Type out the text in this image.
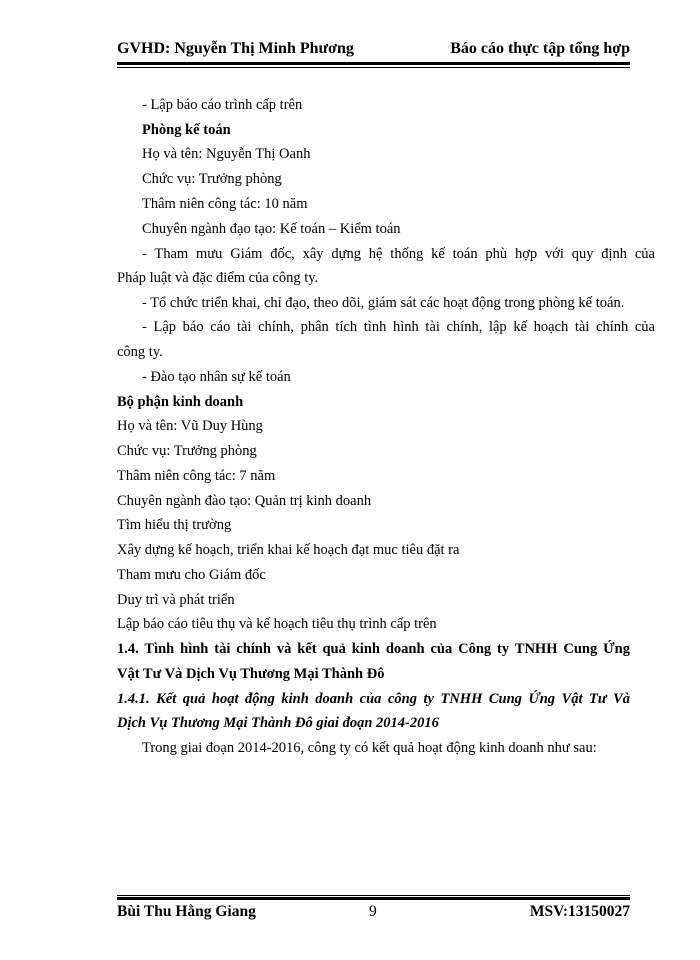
GVHD: Nguyễn Thị Minh Phương	Báo cáo thực tập tổng hợp
- Lập báo cáo trình cấp trên
Phòng kế toán
Họ và tên: Nguyễn Thị Oanh
Chức vụ: Trưởng phòng
Thâm niên công tác: 10 năm
Chuyên ngành đạo tạo: Kế toán – Kiểm toán
- Tham mưu Giám đốc, xây dựng hệ thống kế toán phù hợp với quy định của
Pháp luật và đặc điểm của công ty.
- Tổ chức triển khai, chỉ đạo, theo dõi, giám sát các hoạt động trong phòng kế toán.
- Lập báo cáo tài chính, phân tích tình hình tài chính, lập kế hoạch tài chính của
công ty.
- Đào tạo nhân sự kế toán
Bộ phận kinh doanh
Họ và tên: Vũ Duy Hùng
Chức vụ: Trưởng phòng
Thâm niên công tác: 7 năm
Chuyên ngành đào tạo: Quản trị kinh doanh
Tìm hiểu thị trường
Xây dựng kế hoạch, triển khai kế hoạch đạt muc tiêu đặt ra
Tham mưu cho Giám đốc
Duy trì và phát triển
Lập báo cáo tiêu thụ và kế hoạch tiêu thụ trình cấp trên
1.4. Tình hình tài chính và kết quả kinh doanh của Công ty TNHH Cung Ứng
Vật Tư Và Dịch Vụ Thương Mại Thành Đô
1.4.1. Kết quả hoạt động kinh doanh của công ty TNHH Cung Ứng Vật Tư Và
Dịch Vụ Thương Mại Thành Đô giai đoạn 2014-2016
Trong giai đoạn 2014-2016, công ty có kết quả hoạt động kinh doanh như sau:
Bùi Thu Hằng Giang	9	MSV:13150027
